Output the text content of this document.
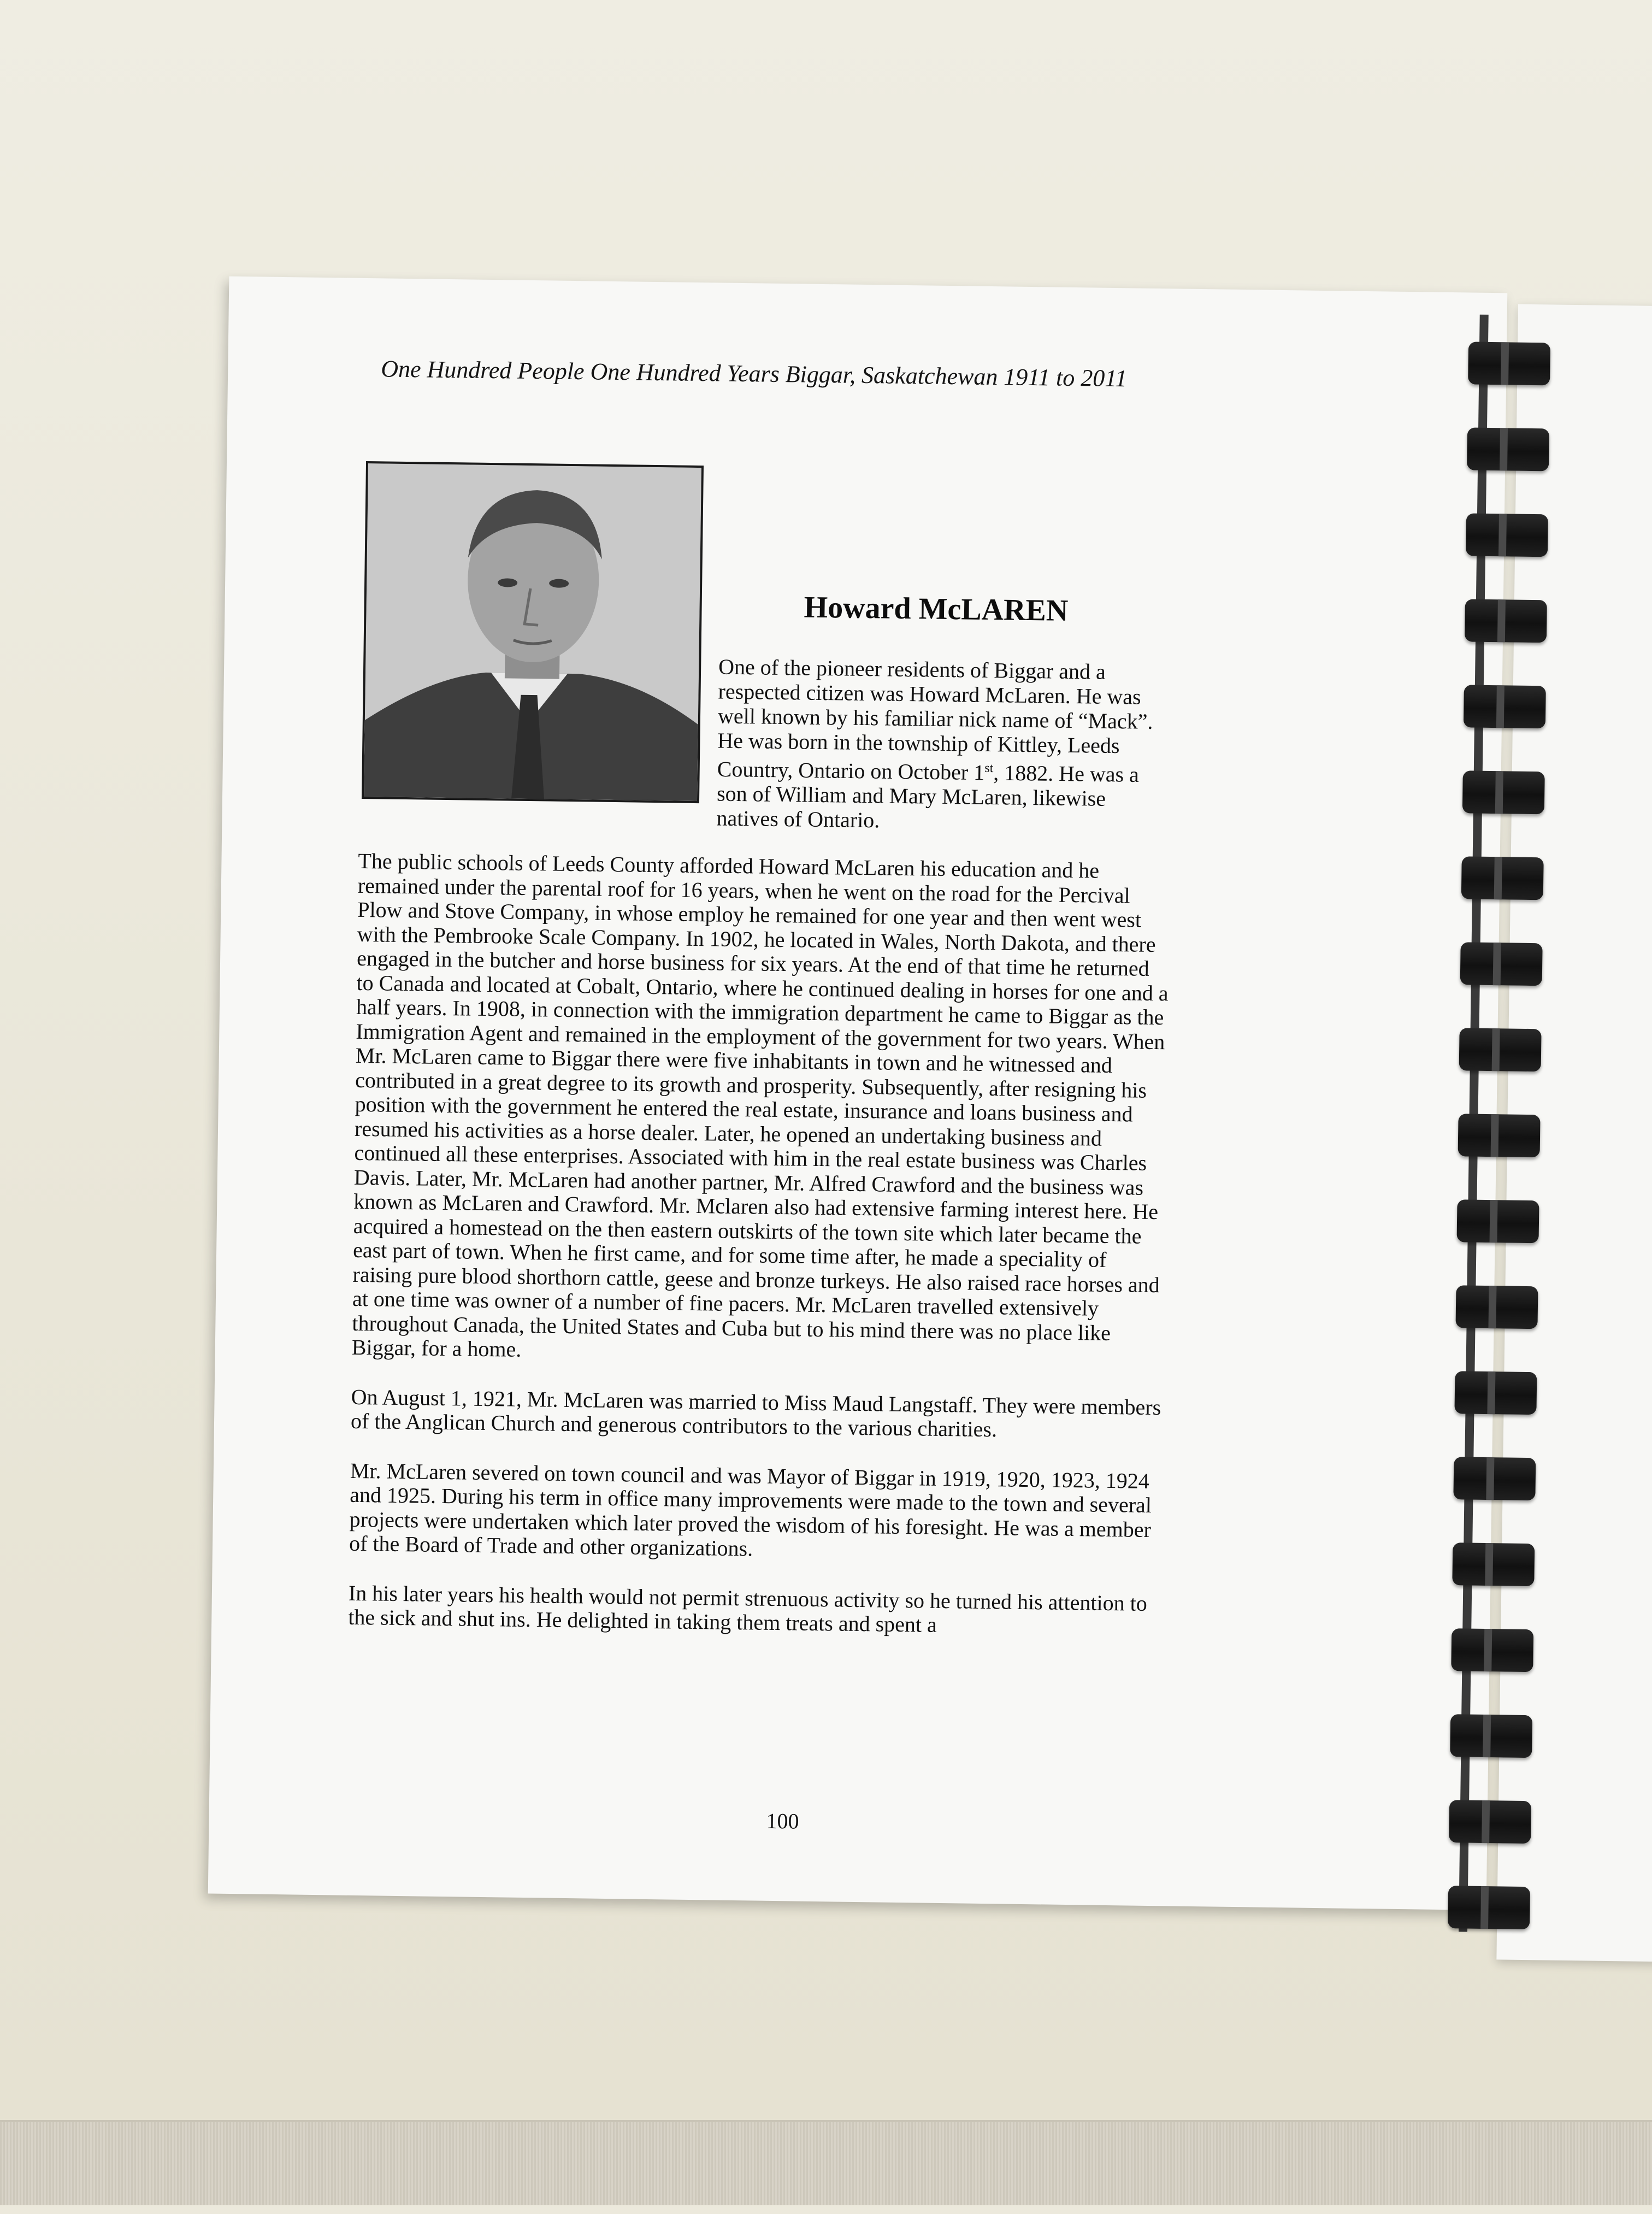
One Hundred People One Hundred Years Biggar, Saskatchewan 1911 to 2011
Howard McLAREN
One of the pioneer residents of Biggar and a respected citizen was Howard McLaren. He was well known by his familiar nick name of “Mack”. He was born in the township of Kittley, Leeds Country, Ontario on October 1st, 1882. He was a son of William and Mary McLaren, likewise natives of Ontario.

The public schools of Leeds County afforded Howard McLaren his education and he remained under the parental roof for 16 years, when he went on the road for the Percival Plow and Stove Company, in whose employ he remained for one year and then went west with the Pembrooke Scale Company. In 1902, he located in Wales, North Dakota, and there engaged in the butcher and horse business for six years. At the end of that time he returned to Canada and located at Cobalt, Ontario, where he continued dealing in horses for one and a half years. In 1908, in connection with the immigration department he came to Biggar as the Immigration Agent and remained in the employment of the government for two years. When Mr. McLaren came to Biggar there were five inhabitants in town and he witnessed and contributed in a great degree to its growth and prosperity. Subsequently, after resigning his position with the government he entered the real estate, insurance and loans business and resumed his activities as a horse dealer. Later, he opened an undertaking business and continued all these enterprises. Associated with him in the real estate business was Charles Davis. Later, Mr. McLaren had another partner, Mr. Alfred Crawford and the business was known as McLaren and Crawford. Mr. Mclaren also had extensive farming interest here. He acquired a homestead on the then eastern outskirts of the town site which later became the east part of town. When he first came, and for some time after, he made a speciality of raising pure blood shorthorn cattle, geese and bronze turkeys. He also raised race horses and at one time was owner of a number of fine pacers. Mr. McLaren travelled extensively throughout Canada, the United States and Cuba but to his mind there was no place like Biggar, for a home.

On August 1, 1921, Mr. McLaren was married to Miss Maud Langstaff. They were members of the Anglican Church and generous contributors to the various charities.

Mr. McLaren severed on town council and was Mayor of Biggar in 1919, 1920, 1923, 1924 and 1925. During his term in office many improvements were made to the town and several projects were undertaken which later proved the wisdom of his foresight. He was a member of the Board of Trade and other organizations.

In his later years his health would not permit strenuous activity so he turned his attention to the sick and shut ins. He delighted in taking them treats and spent a

100
